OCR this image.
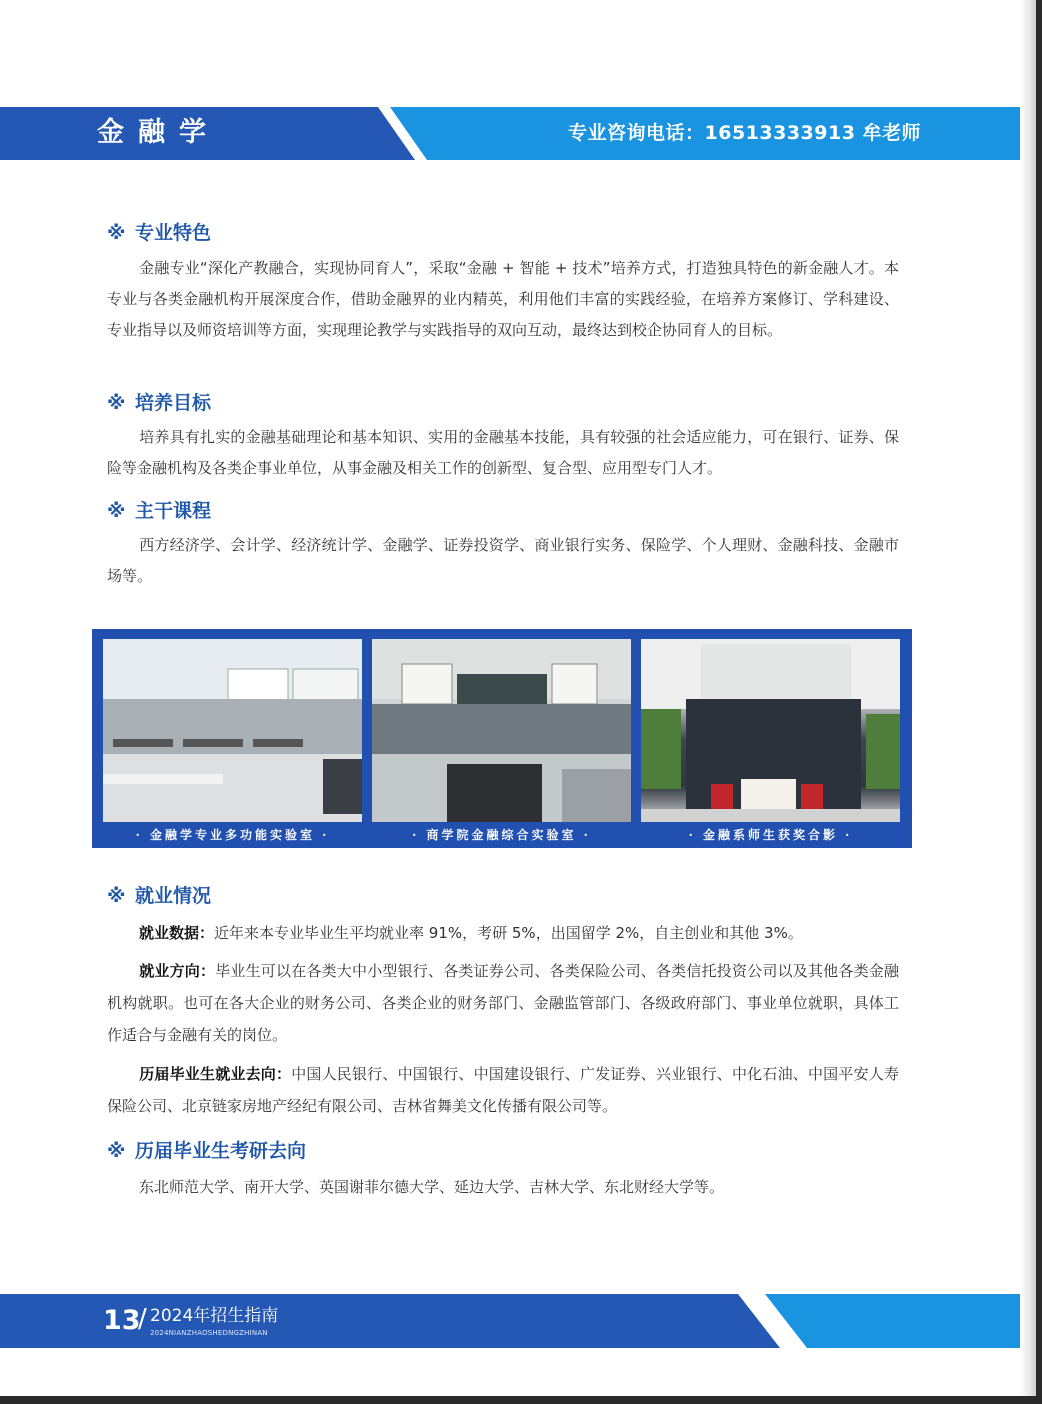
金融学	专业咨询电话：16513333913 牟老师
※ 专业特色
金融专业“深化产教融合，实现协同育人”，采取“金融 + 智能 + 技术”培养方式，打造独具特色的新金融人才。本专业与各类金融机构开展深度合作，借助金融界的业内精英，利用他们丰富的实践经验，在培养方案修订、学科建设、专业指导以及师资培训等方面，实现理论教学与实践指导的双向互动，最终达到校企协同育人的目标。
※ 培养目标
培养具有扎实的金融基础理论和基本知识、实用的金融基本技能，具有较强的社会适应能力，可在银行、证券、保险等金融机构及各类企事业单位，从事金融及相关工作的创新型、复合型、应用型专门人才。
※ 主干课程
西方经济学、会计学、经济统计学、金融学、证券投资学、商业银行实务、保险学、个人理财、金融科技、金融市场等。
· 金融学专业多功能实验室 ·	· 商学院金融综合实验室 ·	· 金融系师生获奖合影 ·
※ 就业情况
就业数据：近年来本专业毕业生平均就业率 91%，考研 5%，出国留学 2%，自主创业和其他 3%。
就业方向：毕业生可以在各类大中小型银行、各类证券公司、各类保险公司、各类信托投资公司以及其他各类金融机构就职。也可在各大企业的财务公司、各类企业的财务部门、金融监管部门、各级政府部门、事业单位就职，具体工作适合与金融有关的岗位。
历届毕业生就业去向：中国人民银行、中国银行、中国建设银行、广发证券、兴业银行、中化石油、中国平安人寿保险公司、北京链家房地产经纪有限公司、吉林省舞美文化传播有限公司等。
※ 历届毕业生考研去向
东北师范大学、南开大学、英国谢菲尔德大学、延边大学、吉林大学、东北财经大学等。
13
/ 2024年招生指南
2024NIANZHAOSHEDNGZHINAN
